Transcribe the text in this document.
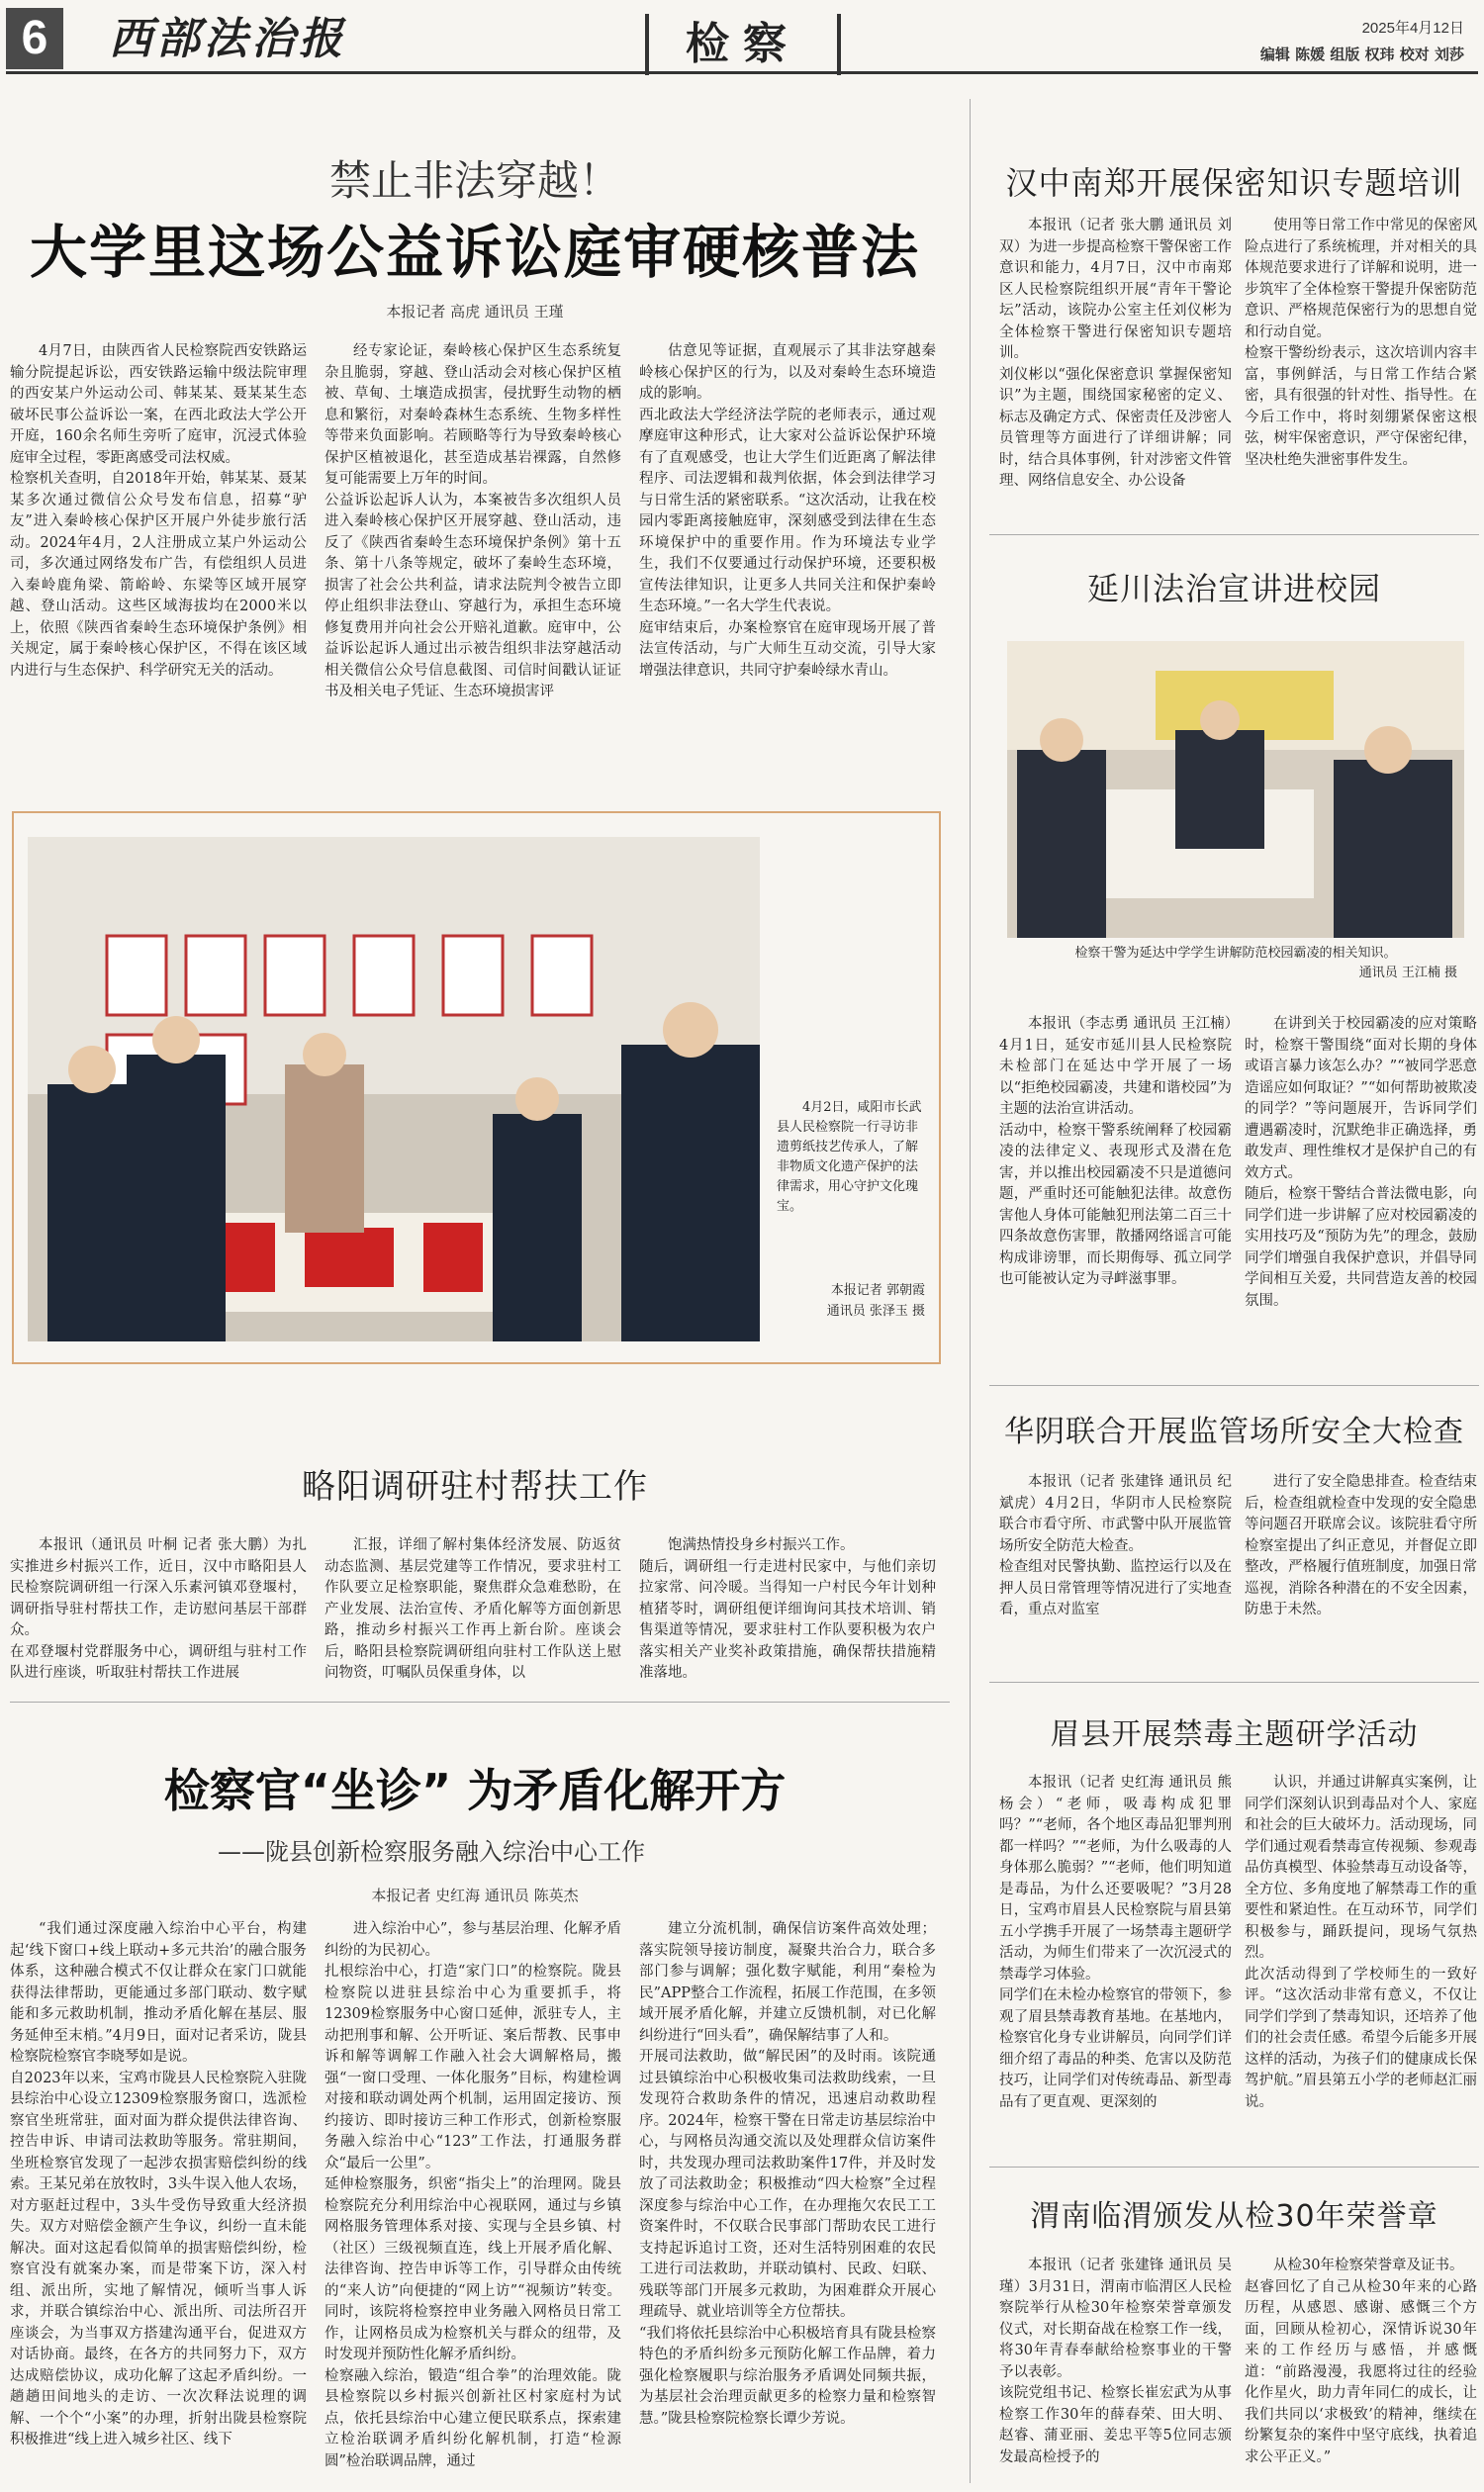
6	西部法治报	检察	2025年4月12日
编辑 陈媛 组版 权玮 校对 刘莎
禁止非法穿越！
大学里这场公益诉讼庭审硬核普法
本报记者 高虎 通讯员 王瑾
4月7日，由陕西省人民检察院西安铁路运输分院提起诉讼，西安铁路运输中级法院审理的西安某户外运动公司、韩某某、聂某某生态破坏民事公益诉讼一案，在西北政法大学公开开庭，160余名师生旁听了庭审，沉浸式体验庭审全过程，零距离感受司法权威。
检察机关查明，自2018年开始，韩某某、聂某某多次通过微信公众号发布信息，招募“驴友”进入秦岭核心保护区开展户外徒步旅行活动。2024年4月，2人注册成立某户外运动公司，多次通过网络发布广告，有偿组织人员进入秦岭鹿角梁、箭峪岭、东梁等区域开展穿越、登山活动。这些区域海拔均在2000米以上，依照《陕西省秦岭生态环境保护条例》相关规定，属于秦岭核心保护区，不得在该区域内进行与生态保护、科学研究无关的活动。
经专家论证，秦岭核心保护区生态系统复杂且脆弱，穿越、登山活动会对核心保护区植被、草甸、土壤造成损害，侵扰野生动物的栖息和繁衍，对秦岭森林生态系统、生物多样性等带来负面影响。若顾略等行为导致秦岭核心保护区植被退化，甚至造成基岩裸露，自然修复可能需要上万年的时间。
公益诉讼起诉人认为，本案被告多次组织人员进入秦岭核心保护区开展穿越、登山活动，违反了《陕西省秦岭生态环境保护条例》第十五条、第十八条等规定，破坏了秦岭生态环境，损害了社会公共利益，请求法院判令被告立即停止组织非法登山、穿越行为，承担生态环境修复费用并向社会公开赔礼道歉。庭审中，公益诉讼起诉人通过出示被告组织非法穿越活动相关微信公众号信息截图、司信时间戳认证证书及相关电子凭证、生态环境损害评
估意见等证据，直观展示了其非法穿越秦岭核心保护区的行为，以及对秦岭生态环境造成的影响。
西北政法大学经济法学院的老师表示，通过观摩庭审这种形式，让大家对公益诉讼保护环境有了直观感受，也让大学生们近距离了解法律程序、司法逻辑和裁判依据，体会到法律学习与日常生活的紧密联系。“这次活动，让我在校园内零距离接触庭审，深刻感受到法律在生态环境保护中的重要作用。作为环境法专业学生，我们不仅要通过行动保护环境，还要积极宣传法律知识，让更多人共同关注和保护秦岭生态环境。”一名大学生代表说。
庭审结束后，办案检察官在庭审现场开展了普法宣传活动，与广大师生互动交流，引导大家增强法律意识，共同守护秦岭绿水青山。
4月2日，咸阳市长武县人民检察院一行寻访非遗剪纸技艺传承人，了解非物质文化遗产保护的法律需求，用心守护文化瑰宝。
本报记者 郭朝霞
通讯员 张泽玉 摄
略阳调研驻村帮扶工作
本报讯（通讯员 叶桐 记者 张大鹏）为扎实推进乡村振兴工作，近日，汉中市略阳县人民检察院调研组一行深入乐素河镇邓登堰村，调研指导驻村帮扶工作，走访慰问基层干部群众。
在邓登堰村党群服务中心，调研组与驻村工作队进行座谈，听取驻村帮扶工作进展
汇报，详细了解村集体经济发展、防返贫动态监测、基层党建等工作情况，要求驻村工作队要立足检察职能，聚焦群众急难愁盼，在产业发展、法治宣传、矛盾化解等方面创新思路，推动乡村振兴工作再上新台阶。座谈会后，略阳县检察院调研组向驻村工作队送上慰问物资，叮嘱队员保重身体，以
饱满热情投身乡村振兴工作。
随后，调研组一行走进村民家中，与他们亲切拉家常、问冷暖。当得知一户村民今年计划种植猪苓时，调研组便详细询问其技术培训、销售渠道等情况，要求驻村工作队要积极为农户落实相关产业奖补政策措施，确保帮扶措施精准落地。
检察官“坐诊” 为矛盾化解开方
——陇县创新检察服务融入综治中心工作
本报记者 史红海 通讯员 陈英杰
“我们通过深度融入综治中心平台，构建起‘线下窗口+线上联动+多元共治’的融合服务体系，这种融合模式不仅让群众在家门口就能获得法律帮助，更能通过多部门联动、数字赋能和多元救助机制，推动矛盾化解在基层、服务延伸至末梢。”4月9日，面对记者采访，陇县检察院检察官李晓琴如是说。
自2023年以来，宝鸡市陇县人民检察院入驻陇县综治中心设立12309检察服务窗口，选派检察官坐班常驻，面对面为群众提供法律咨询、控告申诉、申请司法救助等服务。常驻期间，坐班检察官发现了一起涉农损害赔偿纠纷的线索。王某兄弟在放牧时，3头牛误入他人农场，对方驱赶过程中，3头牛受伤导致重大经济损失。双方对赔偿金额产生争议，纠纷一直未能解决。面对这起看似简单的损害赔偿纠纷，检察官没有就案办案，而是带案下访，深入村组、派出所，实地了解情况，倾听当事人诉求，并联合镇综治中心、派出所、司法所召开座谈会，为当事双方搭建沟通平台，促进双方对话协商。最终，在各方的共同努力下，双方达成赔偿协议，成功化解了这起矛盾纠纷。一趟趟田间地头的走访、一次次释法说理的调解、一个个“小案”的办理，折射出陇县检察院积极推进“线上进入城乡社区、线下
进入综治中心”，参与基层治理、化解矛盾纠纷的为民初心。
扎根综治中心，打造“家门口”的检察院。陇县检察院以进驻县综治中心为重要抓手，将12309检察服务中心窗口延伸，派驻专人，主动把刑事和解、公开听证、案后帮教、民事申诉和解等调解工作融入社会大调解格局，搬强“一窗口受理、一体化服务”目标，构建检调对接和联动调处两个机制，运用固定接访、预约接访、即时接访三种工作形式，创新检察服务融入综治中心“123”工作法，打通服务群众“最后一公里”。
延伸检察服务，织密“指尖上”的治理网。陇县检察院充分利用综治中心视联网，通过与乡镇网格服务管理体系对接、实现与全县乡镇、村（社区）三级视频直连，线上开展矛盾化解、法律咨询、控告申诉等工作，引导群众由传统的“来人访”向便捷的“网上访”“视频访”转变。同时，该院将检察控申业务融入网格员日常工作，让网格员成为检察机关与群众的纽带，及时发现并预防性化解矛盾纠纷。
检察融入综治，锻造“组合拳”的治理效能。陇县检察院以乡村振兴创新社区村家庭村为试点，依托县综治中心建立便民联系点，探索建立检治联调矛盾纠纷化解机制，打造“检源圆”检治联调品牌，通过
建立分流机制，确保信访案件高效处理；落实院领导接访制度，凝聚共治合力，联合多部门参与调解；强化数字赋能，利用“秦检为民”APP整合工作流程，拓展工作范围，在多领域开展矛盾化解，并建立反馈机制，对已化解纠纷进行“回头看”，确保解结事了人和。
开展司法救助，做“解民困”的及时雨。该院通过县镇综治中心积极收集司法救助线索，一旦发现符合救助条件的情况，迅速启动救助程序。2024年，检察干警在日常走访基层综治中心，与网格员沟通交流以及处理群众信访案件时，共发现办理司法救助案件17件，并及时发放了司法救助金；积极推动“四大检察”全过程深度参与综治中心工作，在办理拖欠农民工工资案件时，不仅联合民事部门帮助农民工进行支持起诉追讨工资，还对生活特别困难的农民工进行司法救助，并联动镇村、民政、妇联、残联等部门开展多元救助，为困难群众开展心理疏导、就业培训等全方位帮扶。
“我们将依托县综治中心积极培育具有陇县检察特色的矛盾纠纷多元预防化解工作品牌，着力强化检察履职与综治服务矛盾调处同频共振，为基层社会治理贡献更多的检察力量和检察智慧。”陇县检察院检察长谭少芳说。
汉中南郑开展保密知识专题培训
本报讯（记者 张大鹏 通讯员 刘双）为进一步提高检察干警保密工作意识和能力，4月7日，汉中市南郑区人民检察院组织开展“青年干警论坛”活动，该院办公室主任刘仪彬为全体检察干警进行保密知识专题培训。
刘仪彬以“强化保密意识 掌握保密知识”为主题，围绕国家秘密的定义、标志及确定方式、保密责任及涉密人员管理等方面进行了详细讲解；同时，结合具体事例，针对涉密文件管理、网络信息安全、办公设备
使用等日常工作中常见的保密风险点进行了系统梳理，并对相关的具体规范要求进行了详解和说明，进一步筑牢了全体检察干警提升保密防范意识、严格规范保密行为的思想自觉和行动自觉。
检察干警纷纷表示，这次培训内容丰富，事例鲜活，与日常工作结合紧密，具有很强的针对性、指导性。在今后工作中，将时刻绷紧保密这根弦，树牢保密意识，严守保密纪律，坚决杜绝失泄密事件发生。
延川法治宣讲进校园
检察干警为延达中学学生讲解防范校园霸凌的相关知识。
通讯员 王江楠 摄
本报讯（李志勇 通讯员 王江楠）4月1日，延安市延川县人民检察院未检部门在延达中学开展了一场以“拒绝校园霸凌，共建和谐校园”为主题的法治宣讲活动。
活动中，检察干警系统阐释了校园霸凌的法律定义、表现形式及潜在危害，并以推出校园霸凌不只是道德问题，严重时还可能触犯法律。故意伤害他人身体可能触犯刑法第二百三十四条故意伤害罪，散播网络谣言可能构成诽谤罪，而长期侮辱、孤立同学也可能被认定为寻衅滋事罪。
在讲到关于校园霸凌的应对策略时，检察干警围绕“面对长期的身体或语言暴力该怎么办？”“被同学恶意造谣应如何取证？”“如何帮助被欺凌的同学？”等问题展开，告诉同学们遭遇霸凌时，沉默绝非正确选择，勇敢发声、理性维权才是保护自己的有效方式。
随后，检察干警结合普法微电影，向同学们进一步讲解了应对校园霸凌的实用技巧及“预防为先”的理念，鼓励同学们增强自我保护意识，并倡导同学间相互关爱，共同营造友善的校园氛围。
华阴联合开展监管场所安全大检查
本报讯（记者 张建锋 通讯员 纪斌虎）4月2日，华阴市人民检察院联合市看守所、市武警中队开展监管场所安全防范大检查。
检查组对民警执勤、监控运行以及在押人员日常管理等情况进行了实地查看，重点对监室
进行了安全隐患排查。检查结束后，检查组就检查中发现的安全隐患等问题召开联席会议。该院驻看守所检察室提出了纠正意见，并督促立即整改，严格履行值班制度，加强日常巡视，消除各种潜在的不安全因素，防患于未然。
眉县开展禁毒主题研学活动
本报讯（记者 史红海 通讯员 熊杨会）“老师，吸毒构成犯罪吗？”“老师，各个地区毒品犯罪判刑都一样吗？”“老师，为什么吸毒的人身体那么脆弱？”“老师，他们明知道是毒品，为什么还要吸呢？”3月28日，宝鸡市眉县人民检察院与眉县第五小学携手开展了一场禁毒主题研学活动，为师生们带来了一次沉浸式的禁毒学习体验。
同学们在未检办检察官的带领下，参观了眉县禁毒教育基地。在基地内，检察官化身专业讲解员，向同学们详细介绍了毒品的种类、危害以及防范技巧，让同学们对传统毒品、新型毒品有了更直观、更深刻的
认识，并通过讲解真实案例，让同学们深刻认识到毒品对个人、家庭和社会的巨大破坏力。活动现场，同学们通过观看禁毒宣传视频、参观毒品仿真模型、体验禁毒互动设备等，全方位、多角度地了解禁毒工作的重要性和紧迫性。在互动环节，同学们积极参与，踊跃提问，现场气氛热烈。
此次活动得到了学校师生的一致好评。“这次活动非常有意义，不仅让同学们学到了禁毒知识，还培养了他们的社会责任感。希望今后能多开展这样的活动，为孩子们的健康成长保驾护航。”眉县第五小学的老师赵汇丽说。
渭南临渭颁发从检30年荣誉章
本报讯（记者 张建锋 通讯员 吴瑾）3月31日，渭南市临渭区人民检察院举行从检30年检察荣誉章颁发仪式，对长期奋战在检察工作一线，将30年青春奉献给检察事业的干警予以表彰。
该院党组书记、检察长崔宏武为从事检察工作30年的薛春荣、田大明、赵睿、蒲亚丽、姜忠平等5位同志颁发最高检授予的
从检30年检察荣誉章及证书。
赵睿回忆了自己从检30年来的心路历程，从感恩、感谢、感慨三个方面，回顾从检初心，深情诉说30年来的工作经历与感悟，并感慨道：“前路漫漫，我愿将过往的经验化作星火，助力青年同仁的成长，让我们共同以‘求极致’的精神，继续在纷繁复杂的案件中坚守底线，执着追求公平正义。”
